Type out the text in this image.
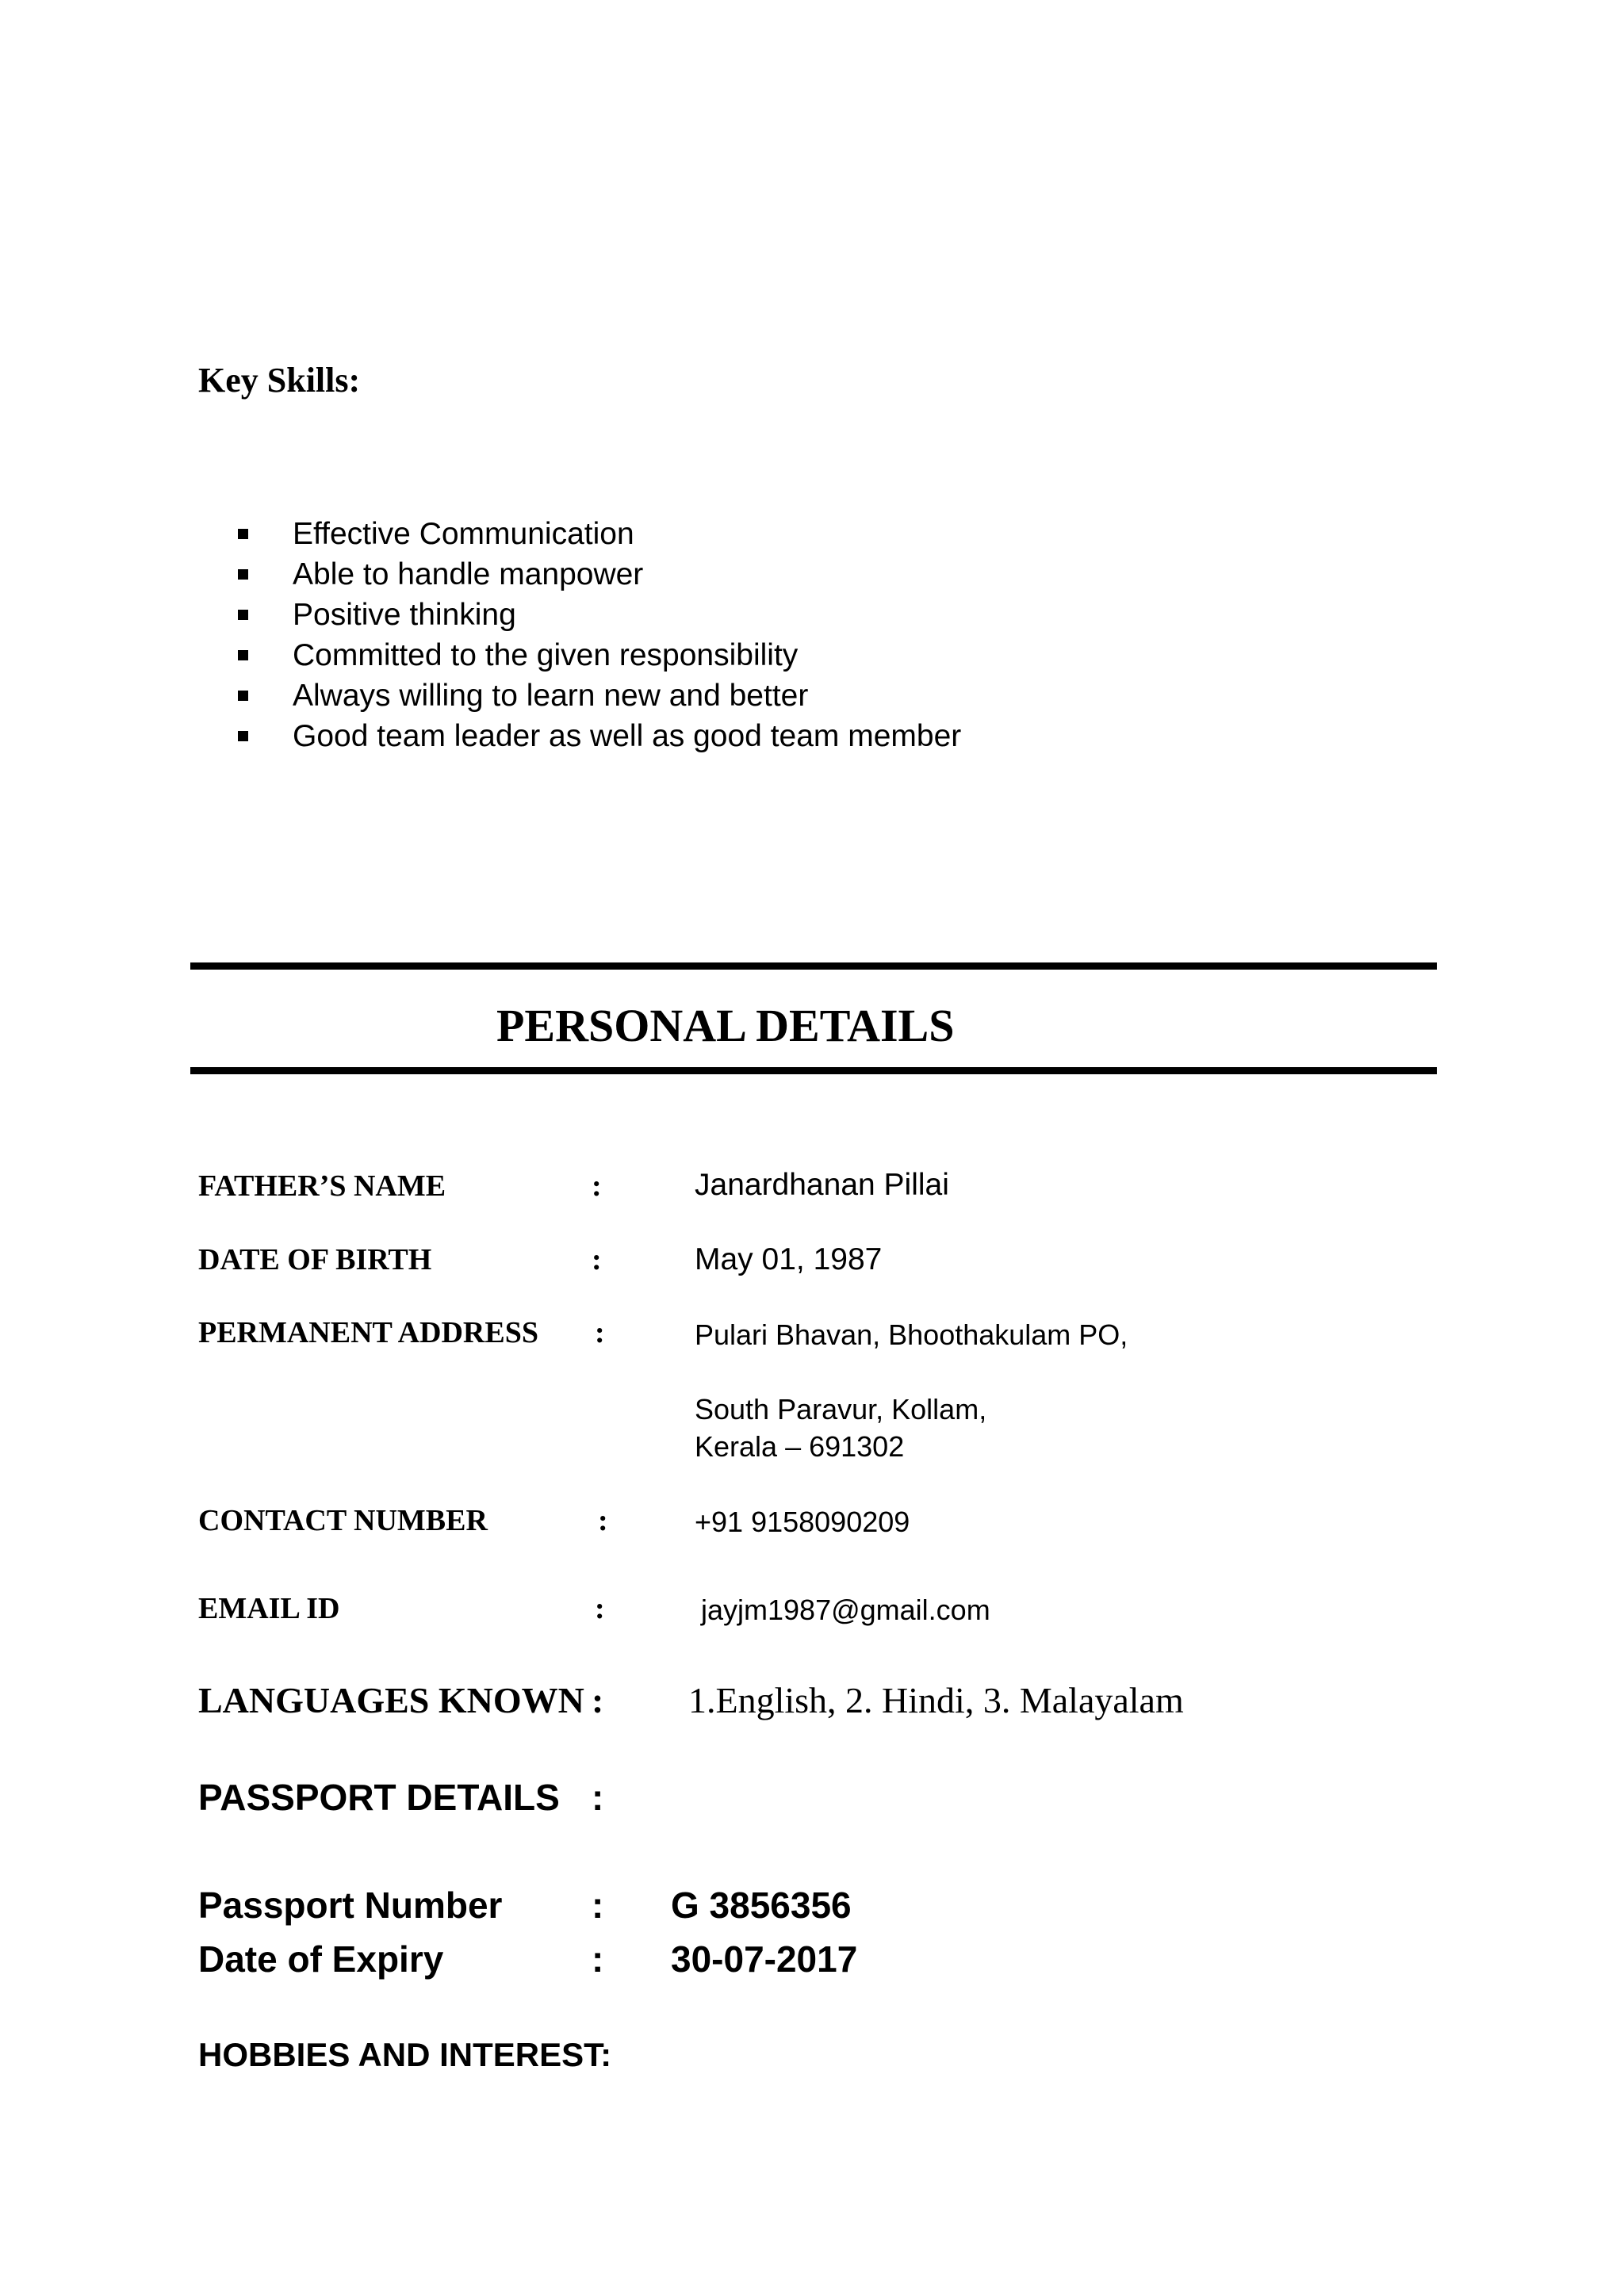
Key Skills:
Effective Communication
Able to handle manpower
Positive thinking
Committed to the given responsibility
Always willing to learn new and better
Good team leader as well as good team member
PERSONAL DETAILS
FATHER’S NAME	:	Janardhanan Pillai
DATE OF BIRTH	:	May 01, 1987
PERMANENT ADDRESS :	Pulari Bhavan, Bhoothakulam PO,
South Paravur, Kollam,
Kerala – 691302
CONTACT NUMBER	:	+91 9158090209
EMAIL ID	:	jayjm1987@gmail.com
LANGUAGES KNOWN : 1.English, 2. Hindi, 3. Malayalam
PASSPORT DETAILS :
Passport Number : G 3856356
Date of Expiry	: 30-07-2017
HOBBIES AND INTEREST:
